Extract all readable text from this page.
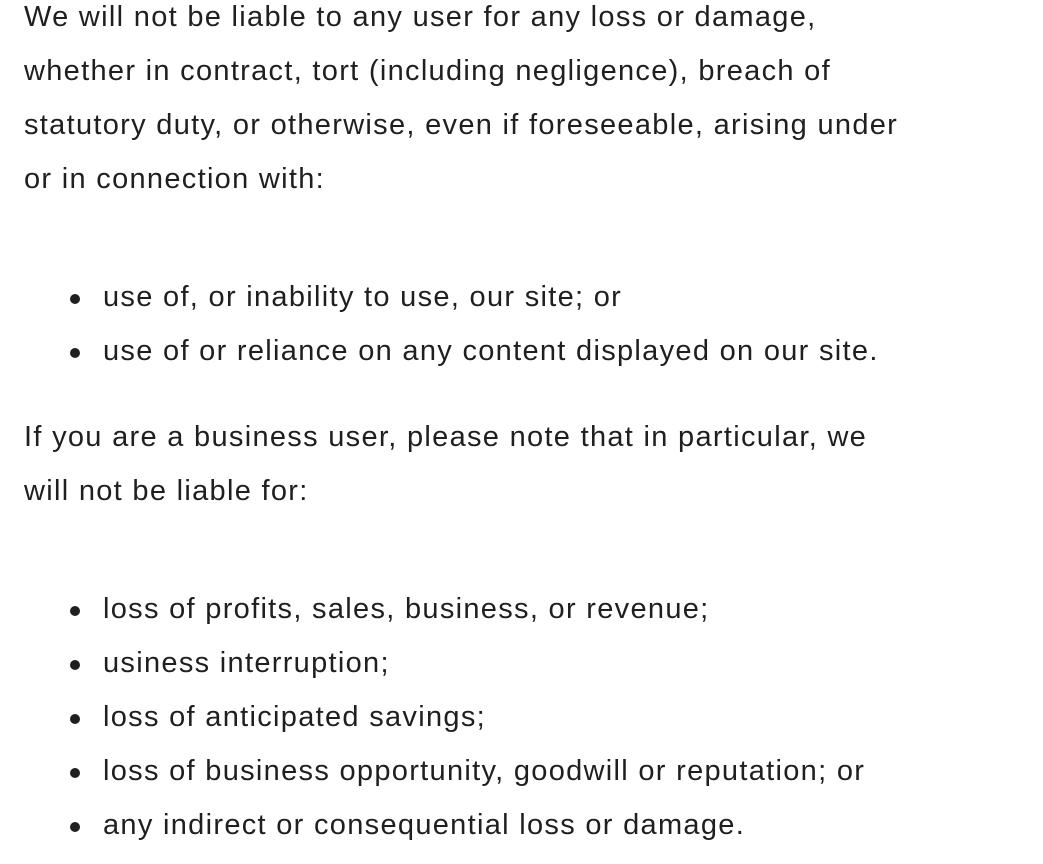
We will not be liable to any user for any loss or damage,

whether in contract, tort (including negligence), breach of

statutory duty, or otherwise, even if foreseeable, arising under

or in connection with:

use of, or inability to use, our site; or
use of or reliance on any content displayed on our site.

If you are a business user, please note that in particular, we

will not be liable for:

loss of profits, sales, business, or revenue;
usiness interruption;
loss of anticipated savings;
loss of business opportunity, goodwill or reputation; or
any indirect or consequential loss or damage.
